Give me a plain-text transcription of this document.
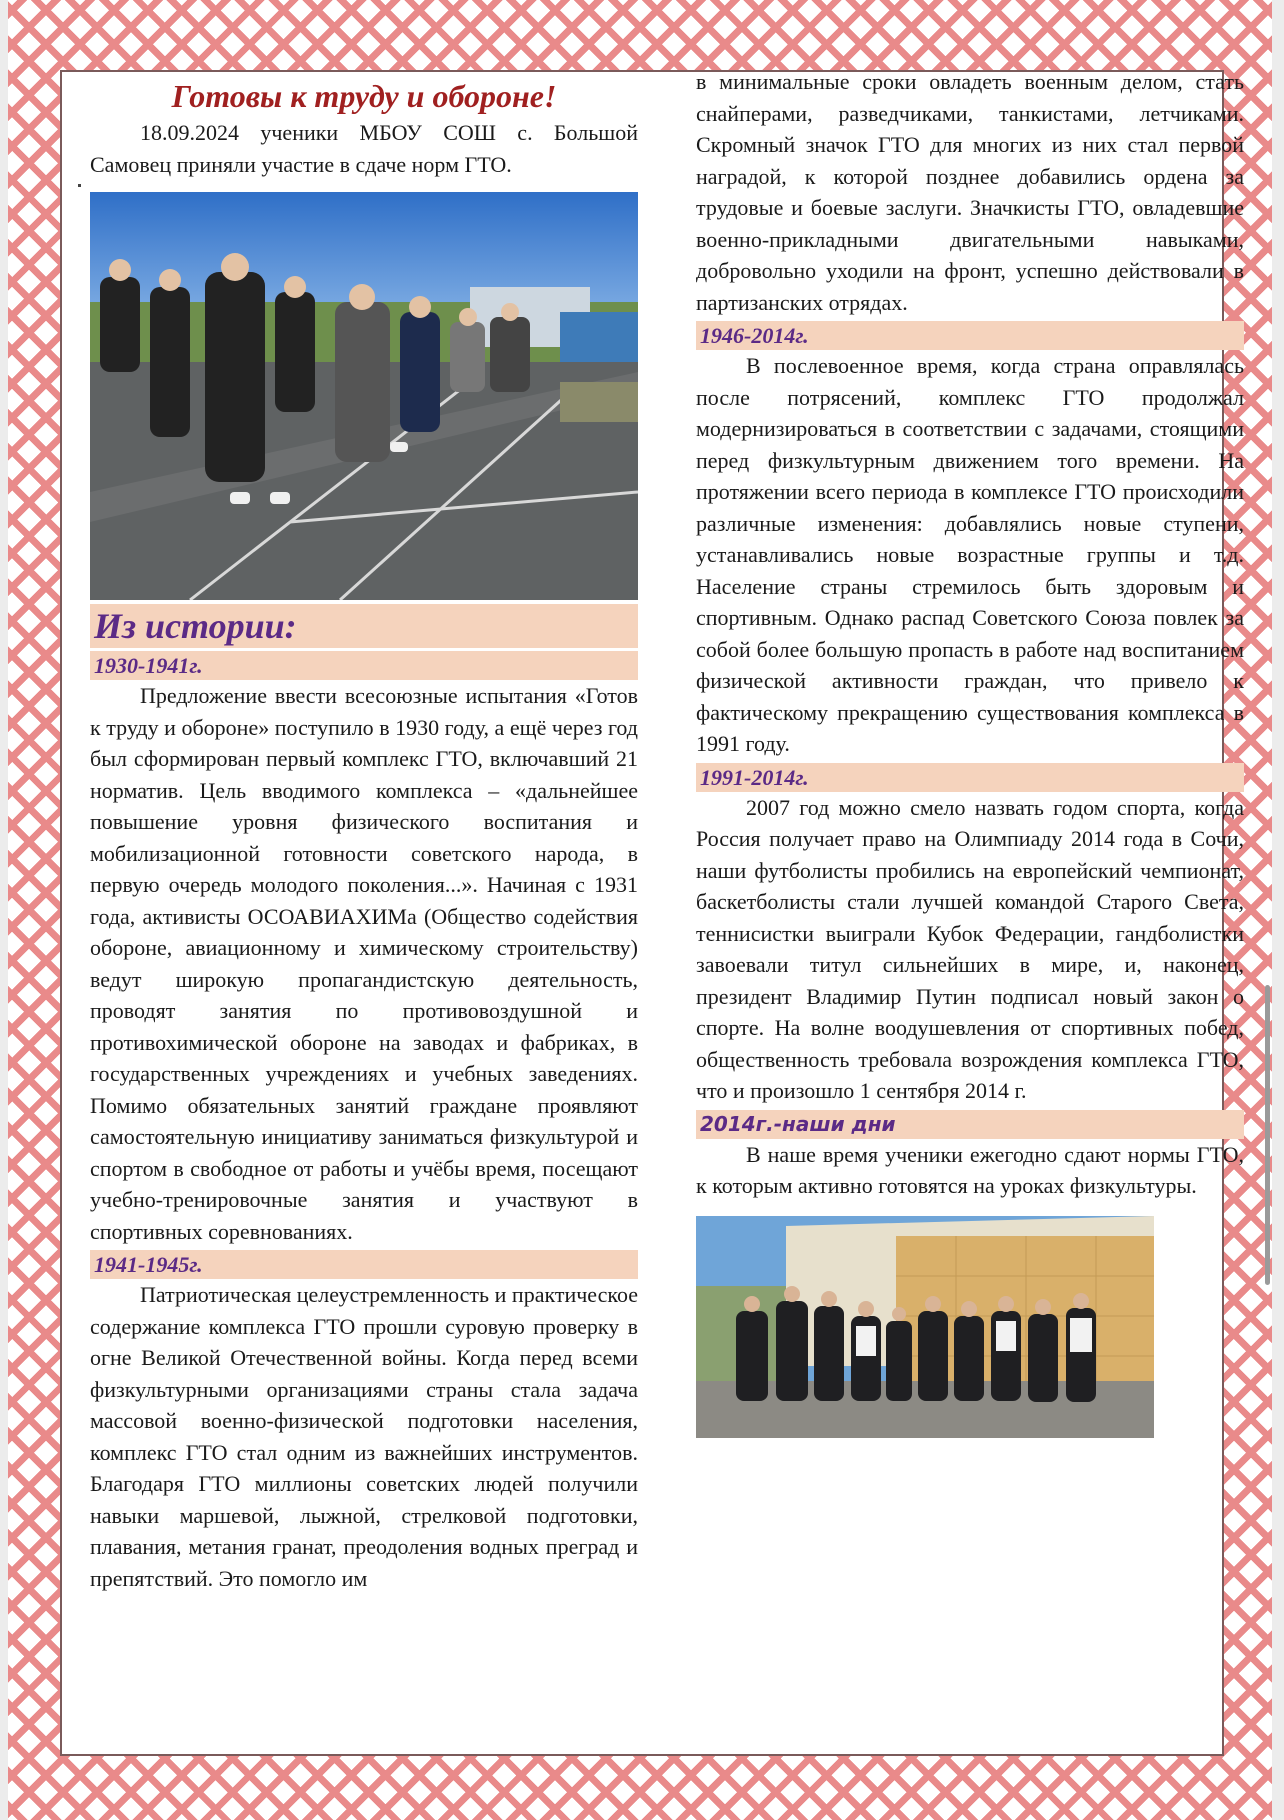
Готовы к труду и обороне!

18.09.2024 ученики МБОУ СОШ с. Большой Самовец приняли участие в сдаче норм ГТО.

Из истории:
1930-1941г.

Предложение ввести всесоюзные испытания «Готов к труду и обороне» поступило в 1930 году, а ещё через год был сформирован первый комплекс ГТО, включавший 21 норматив. Цель вводимого комплекса – «дальнейшее повышение уровня физического воспитания и мобилизационной готовности советского народа, в первую очередь молодого поколения...». Начиная с 1931 года, активисты ОСОАВИАХИМа (Общество содействия обороне, авиационному и химическому строительству) ведут широкую пропагандистскую деятельность, проводят занятия по противовоздушной и противохимической обороне на заводах и фабриках, в государственных учреждениях и учебных заведениях. Помимо обязательных занятий граждане проявляют самостоятельную инициативу заниматься физкультурой и спортом в свободное от работы и учёбы время, посещают учебно-тренировочные занятия и участвуют в спортивных соревнованиях.

1941-1945г.

Патриотическая целеустремленность и практическое содержание комплекса ГТО прошли суровую проверку в огне Великой Отечественной войны. Когда перед всеми физкультурными организациями страны стала задача массовой военно-физической подготовки населения, комплекс ГТО стал одним из важнейших инструментов. Благодаря ГТО миллионы советских людей получили навыки маршевой, лыжной, стрелковой подготовки, плавания, метания гранат, преодоления водных преград и препятствий. Это помогло им

в минимальные сроки овладеть военным делом, стать снайперами, разведчиками, танкистами, летчиками. Скромный значок ГТО для многих из них стал первой наградой, к которой позднее добавились ордена за трудовые и боевые заслуги. Значкисты ГТО, овладевшие военно-прикладными двигательными навыками, добровольно уходили на фронт, успешно действовали в партизанских отрядах.

1946-2014г.

В послевоенное время, когда страна оправлялась после потрясений, комплекс ГТО продолжал модернизироваться в соответствии с задачами, стоящими перед физкультурным движением того времени. На протяжении всего периода в комплексе ГТО происходили различные изменения: добавлялись новые ступени, устанавливались новые возрастные группы и т.д. Население страны стремилось быть здоровым и спортивным. Однако распад Советского Союза повлек за собой более большую пропасть в работе над воспитанием физической активности граждан, что привело к фактическому прекращению существования комплекса в 1991 году.

1991-2014г.

2007 год можно смело назвать годом спорта, когда Россия получает право на Олимпиаду 2014 года в Сочи, наши футболисты пробились на европейский чемпионат, баскетболисты стали лучшей командой Старого Света, теннисистки выиграли Кубок Федерации, гандболистки завоевали титул сильнейших в мире, и, наконец, президент Владимир Путин подписал новый закон о спорте. На волне воодушевления от спортивных побед, общественность требовала возрождения комплекса ГТО, что и произошло 1 сентября 2014 г.

2014г.-наши дни

В наше время ученики ежегодно сдают нормы ГТО, к которым активно готовятся на уроках физкультуры.
